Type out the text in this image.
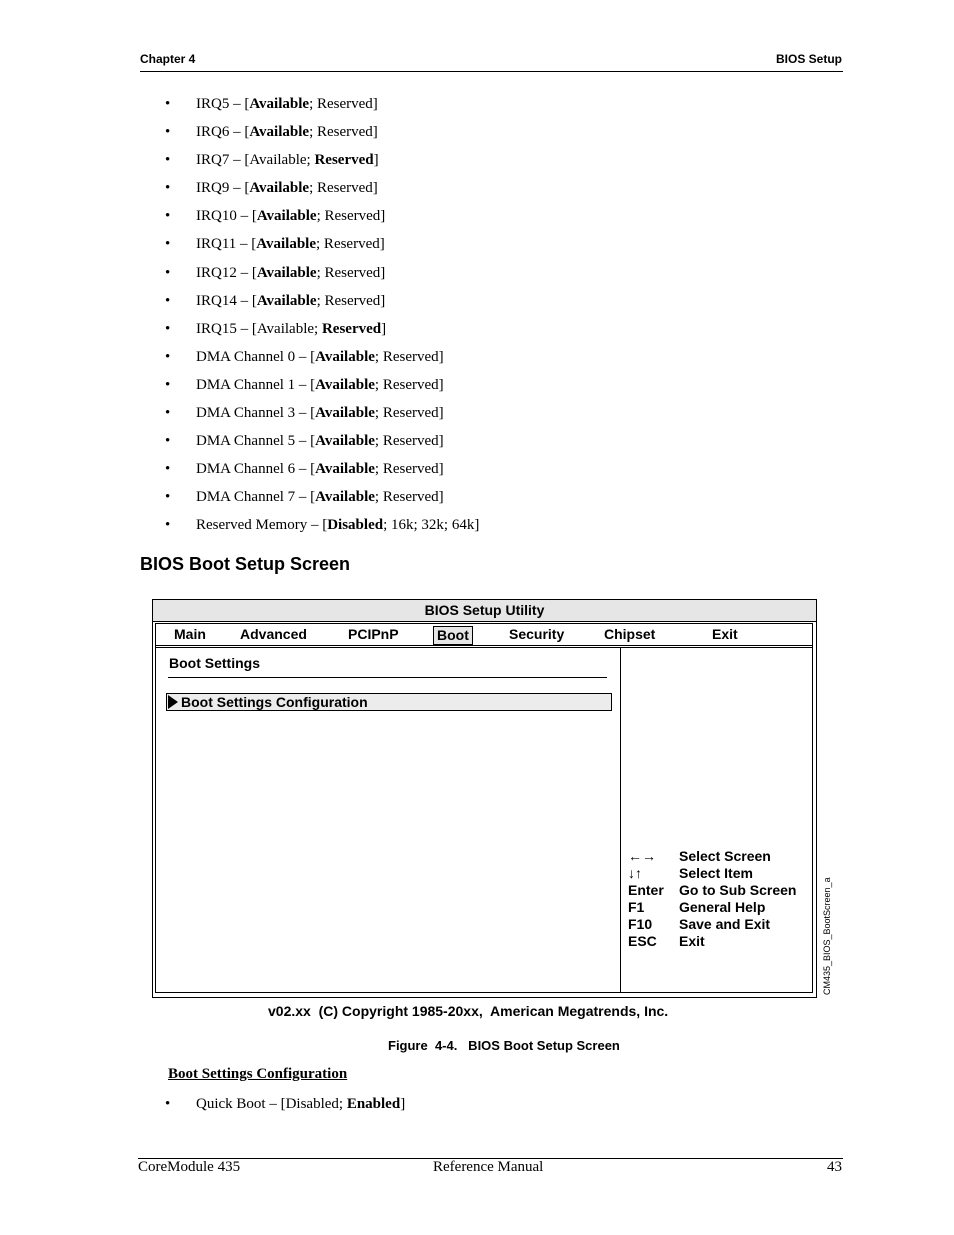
Chapter 4	BIOS Setup
• IRQ5 – [Available; Reserved]
• IRQ6 – [Available; Reserved]
• IRQ7 – [Available; Reserved]
• IRQ9 – [Available; Reserved]
• IRQ10 – [Available; Reserved]
• IRQ11 – [Available; Reserved]
• IRQ12 – [Available; Reserved]
• IRQ14 – [Available; Reserved]
• IRQ15 – [Available; Reserved]
• DMA Channel 0 – [Available; Reserved]
• DMA Channel 1 – [Available; Reserved]
• DMA Channel 3 – [Available; Reserved]
• DMA Channel 5 – [Available; Reserved]
• DMA Channel 6 – [Available; Reserved]
• DMA Channel 7 – [Available; Reserved]
• Reserved Memory – [Disabled; 16k; 32k; 64k]
BIOS Boot Setup Screen
BIOS Setup Utility
Main Advanced	PCIPnP	Boot	Security	Chipset	Exit
Boot Settings
Boot Settings Configuration
←→ Select Screen
↓↑	Select Item
Enter Go to Sub Screen
F1 General Help
F10 Save and Exit
ESC Exit	CM435_BIOS_BootScreen_a
v02.xx  (C) Copyright 1985-20xx,  American Megatrends, Inc.
Figure  4-4.   BIOS Boot Setup Screen
Boot Settings Configuration
• Quick Boot – [Disabled; Enabled]
CoreModule 435	Reference Manual	43
